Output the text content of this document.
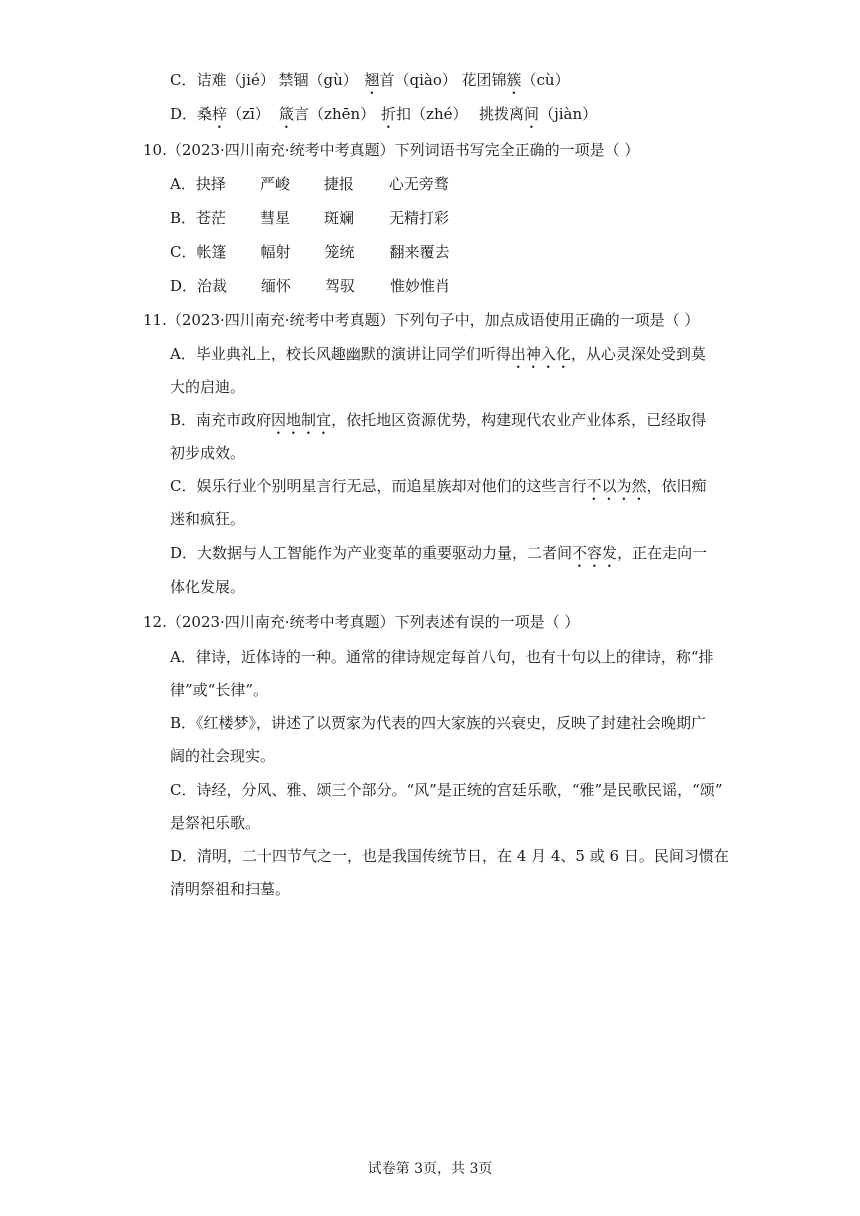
C．诘难（jié） 禁锢（gù） 翘首（qiào） 花团锦簇（cù）
D．桑梓（zī） 箴言（zhēn） 折扣（zhé） 挑拨离间（jiàn）
10.（2023·四川南充·统考中考真题）下列词语书写完全正确的一项是（ ）
A．抉择 严峻 捷报 心无旁骛
B．苍茫 彗星 斑斓 无精打彩
C．帐篷 幅射 笼统 翻来覆去
D．治裁 缅怀 驾驭 惟妙惟肖
11.（2023·四川南充·统考中考真题）下列句子中，加点成语使用正确的一项是（ ）
A．毕业典礼上，校长风趣幽默的演讲让同学们听得出神入化，从心灵深处受到莫
大的启迪。
B．南充市政府因地制宜，依托地区资源优势，构建现代农业产业体系，已经取得
初步成效。
C．娱乐行业个别明星言行无忌，而追星族却对他们的这些言行不以为然，依旧痴
迷和疯狂。
D．大数据与人工智能作为产业变革的重要驱动力量，二者间不容发，正在走向一
体化发展。
12.（2023·四川南充·统考中考真题）下列表述有误的一项是（ ）
A．律诗，近体诗的一种。通常的律诗规定每首八句，也有十句以上的律诗，称“排
律”或“长律”。
B．《红楼梦》，讲述了以贾家为代表的四大家族的兴衰史，反映了封建社会晚期广
阔的社会现实。
C．诗经，分风、雅、颂三个部分。“风”是正统的宫廷乐歌，“雅”是民歌民谣，“颂”
是祭祀乐歌。
D．清明，二十四节气之一，也是我国传统节日，在 4 月 4、5 或 6 日。民间习惯在
清明祭祖和扫墓。
试卷第 3页，共 3页
